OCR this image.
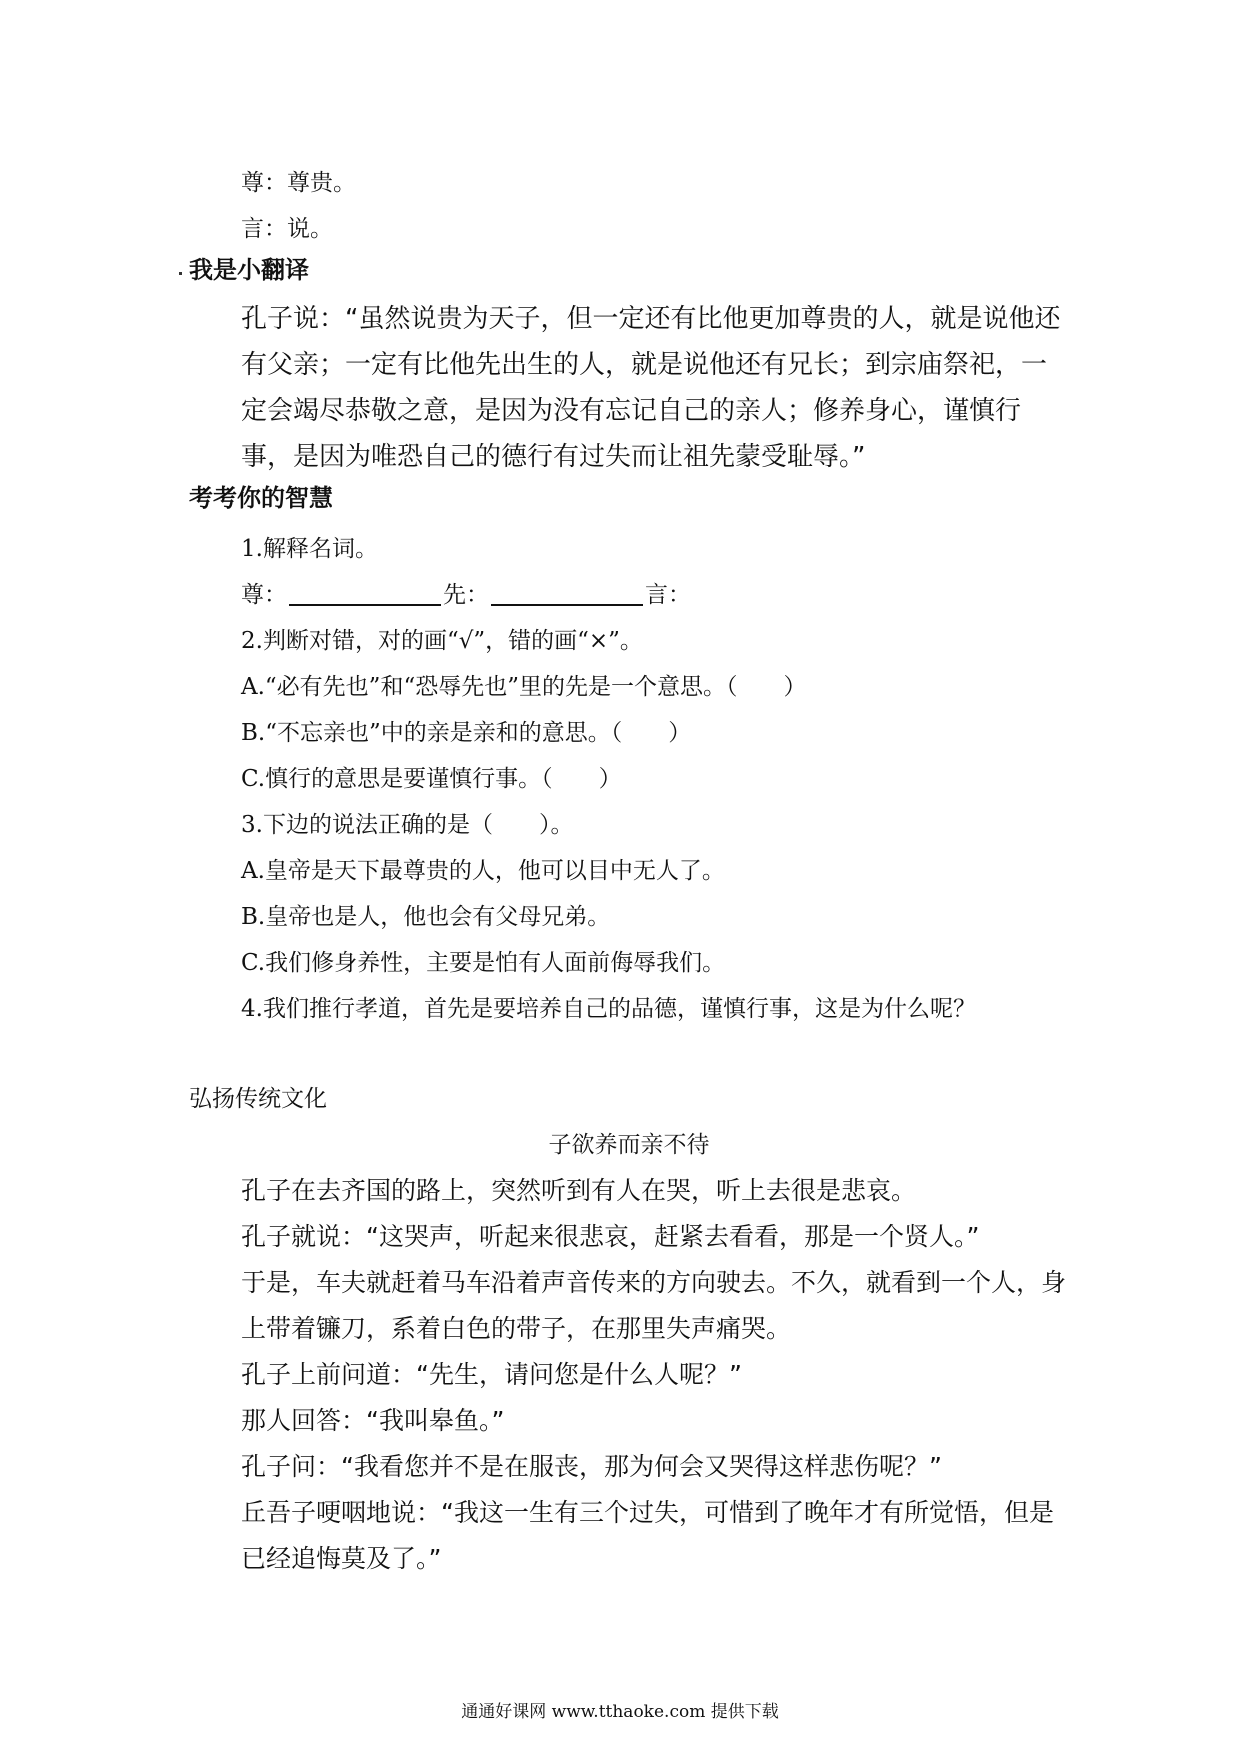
尊：尊贵。

言：说。

我是小翻译

孔子说：“虽然说贵为天子，但一定还有比他更加尊贵的人，就是说他还有父亲；一定有比他先出生的人，就是说他还有兄长；到宗庙祭祀，一定会竭尽恭敬之意，是因为没有忘记自己的亲人；修养身心，谨慎行事，是因为唯恐自己的德行有过失而让祖先蒙受耻辱。”

考考你的智慧

1.解释名词。

尊：	先：	言：

2.判断对错，对的画“√”，错的画“×”。

A.“必有先也”和“恐辱先也”里的先是一个意思。（　　）

B.“不忘亲也”中的亲是亲和的意思。（　　）

C.慎行的意思是要谨慎行事。（　　）

3.下边的说法正确的是（　　）。

A.皇帝是天下最尊贵的人，他可以目中无人了。

B.皇帝也是人，他也会有父母兄弟。

C.我们修身养性，主要是怕有人面前侮辱我们。

4.我们推行孝道，首先是要培养自己的品德，谨慎行事，这是为什么呢？

弘扬传统文化
子欲养而亲不待

孔子在去齐国的路上，突然听到有人在哭，听上去很是悲哀。

孔子就说：“这哭声，听起来很悲哀，赶紧去看看，那是一个贤人。”

于是，车夫就赶着马车沿着声音传来的方向驶去。不久，就看到一个人，身上带着镰刀，系着白色的带子，在那里失声痛哭。

孔子上前问道：“先生，请问您是什么人呢？”

那人回答：“我叫皋鱼。”

孔子问：“我看您并不是在服丧，那为何会又哭得这样悲伤呢？”

丘吾子哽咽地说：“我这一生有三个过失，可惜到了晚年才有所觉悟，但是已经追悔莫及了。”

通通好课网 www.tthaoke.com 提供下载
